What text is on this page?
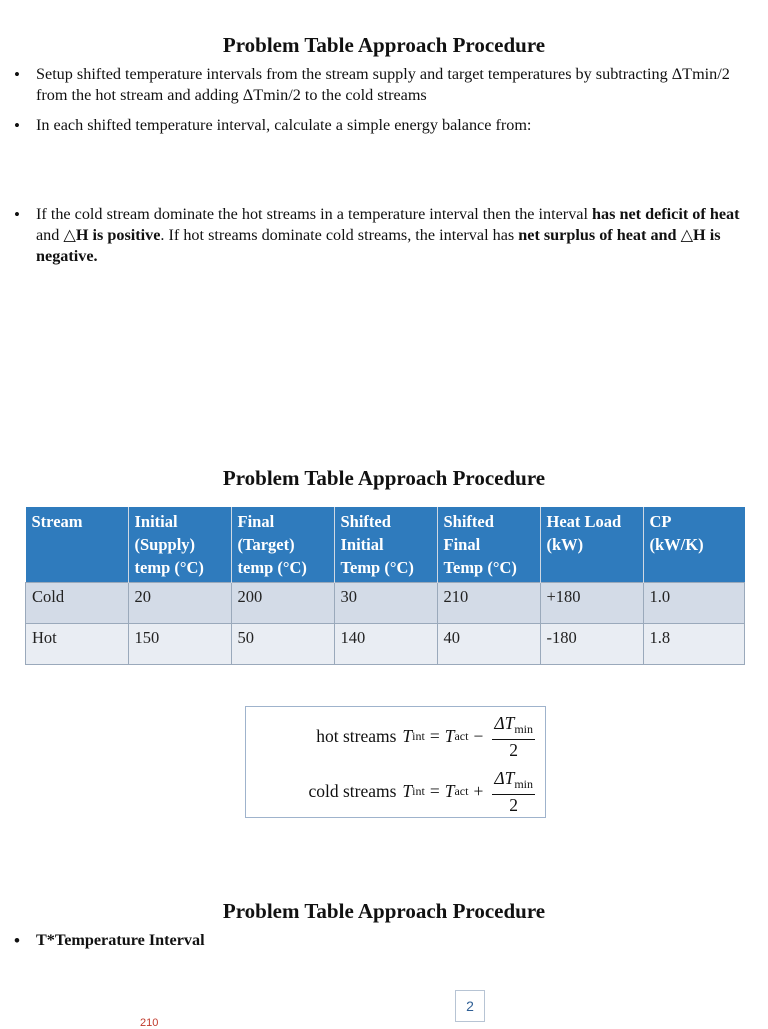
Problem Table Approach Procedure
• Setup shifted temperature intervals from the stream supply and target temperatures by subtracting ΔTmin/2 from the hot stream and adding ΔTmin/2 to the cold streams
• In each shifted temperature interval, calculate a simple energy balance from:
• If the cold stream dominate the hot streams in a temperature interval then the interval has net deficit of heat and △H is positive. If hot streams dominate cold streams, the interval has net surplus of heat and △H is negative.
Problem Table Approach Procedure
Stream	Initial
(Supply)
temp (°C)	Final
(Target)
temp (°C)	Shifted
Initial
Temp (°C)	Shifted
Final
Temp (°C)	Heat Load
(kW)	CP
(kW/K)
Cold	20	200	30	210	+180	1.0
Hot	150	50	140	40	-180	1.8
hot streams T int = T act − $\frac{\Delta T_{min}}{2}$
cold streams T int = T act + $\frac{\Delta T_{min}}{2}$
Problem Table Approach Procedure
• T*Temperature Interval
210
2
